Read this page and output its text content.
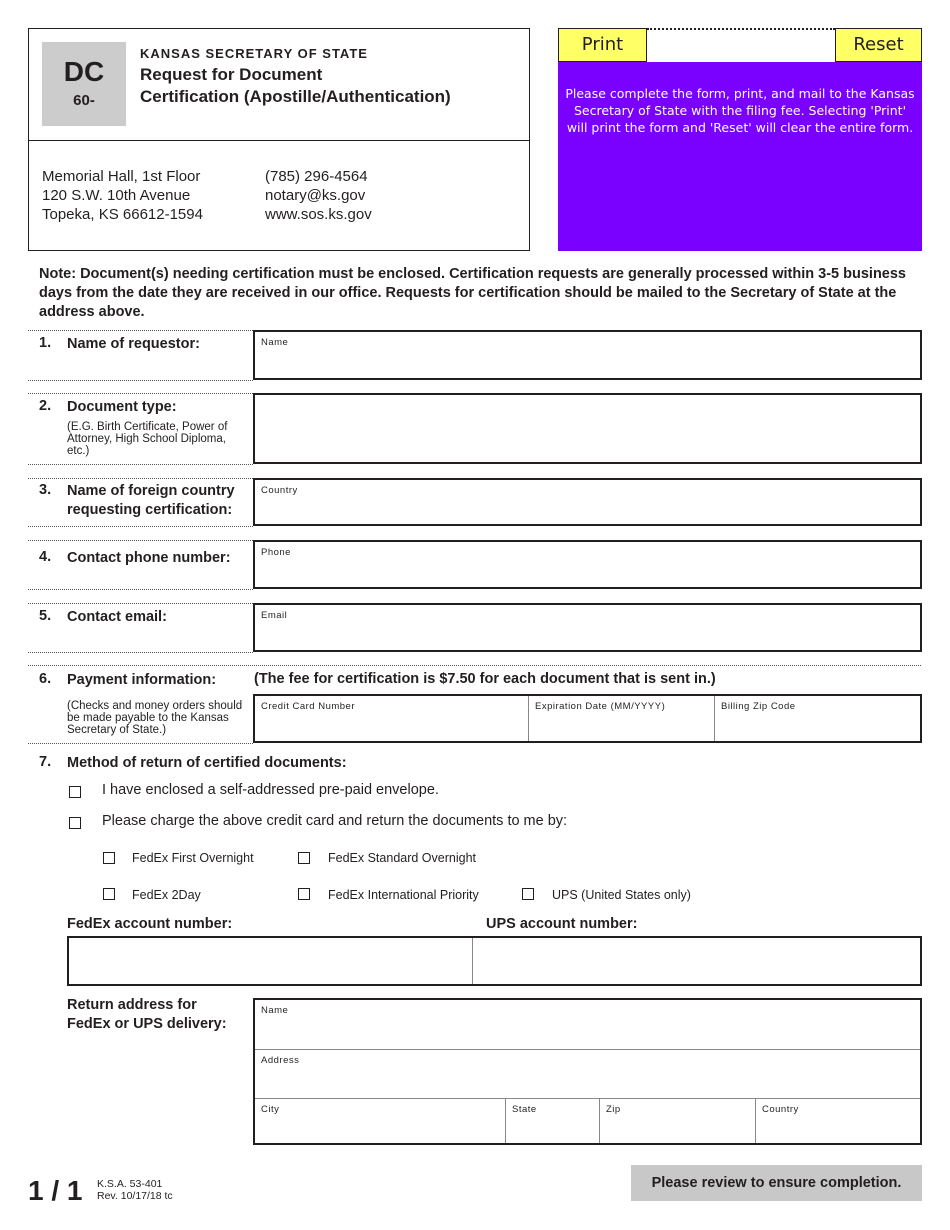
DC
60-
KANSAS SECRETARY OF STATE
Request for Document
Certification (Apostille/Authentication)
Memorial Hall, 1st Floor
120 S.W. 10th Avenue
Topeka, KS 66612-1594
(785) 296-4564
notary@ks.gov
www.sos.ks.gov
Print	Reset
Please complete the form, print, and mail to the Kansas Secretary of State with the filing fee. Selecting 'Print' will print the form and 'Reset' will clear the entire form.
Note: Document(s) needing certification must be enclosed. Certification requests are generally processed within 3-5 business days from the date they are received in our office. Requests for certification should be mailed to the Secretary of State at the address above.
1. Name of requestor:	Name
2. Document type:
(E.G. Birth Certificate, Power of Attorney, High School Diploma, etc.)
3. Name of foreign country
requesting certification:
Country
4. Contact phone number:	Phone
5. Contact email:	Email
6. Payment information:	(The fee for certification is $7.50 for each document that is sent in.)
(Checks and money orders should be made payable to the Kansas Secretary of State.)
Credit Card Number	Expiration Date (MM/YYYY)	Billing Zip Code
7. Method of return of certified documents:
I have enclosed a self-addressed pre-paid envelope.
Please charge the above credit card and return the documents to me by:
FedEx First Overnight	FedEx Standard Overnight
FedEx 2Day	FedEx International Priority	UPS (United States only)
FedEx account number:	UPS account number:
Return address for
FedEx or UPS delivery:
Name
Address
City	State	Zip	Country
1 / 1 K.S.A. 53-401
Rev. 10/17/18 tc
Please review to ensure completion.
